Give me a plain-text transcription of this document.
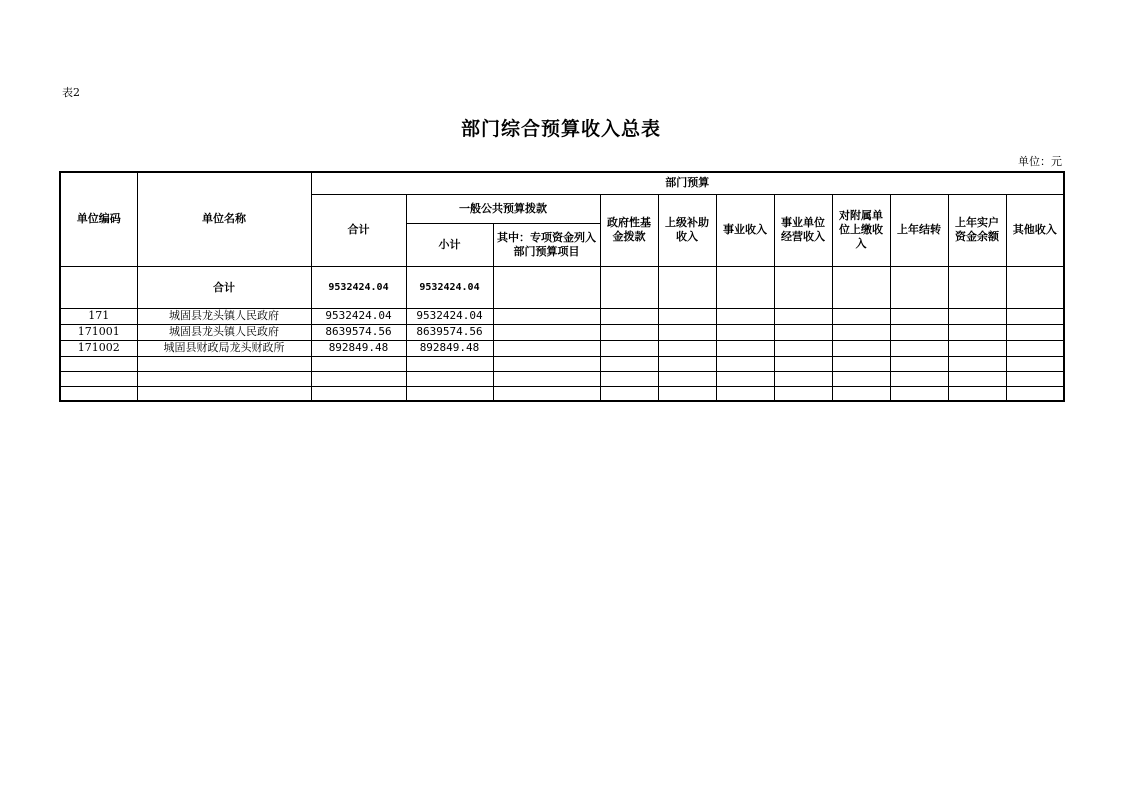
表2
部门综合预算收入总表
单位：元
单位编码	单位名称	部门预算										
		合计	一般公共预算拨款		政府性基金拨款	上级补助收入	事业收入	事业单位经营收入	对附属单位上缴收入	上年结转	上年实户资金余额	其他收入
			小计	其中：专项资金列入部门预算项目								
	合计	9532424.04	9532424.04									
171	城固县龙头镇人民政府	9532424.04	9532424.04									
171001	城固县龙头镇人民政府	8639574.56	8639574.56									
171002	城固县财政局龙头财政所	892849.48	892849.48									
